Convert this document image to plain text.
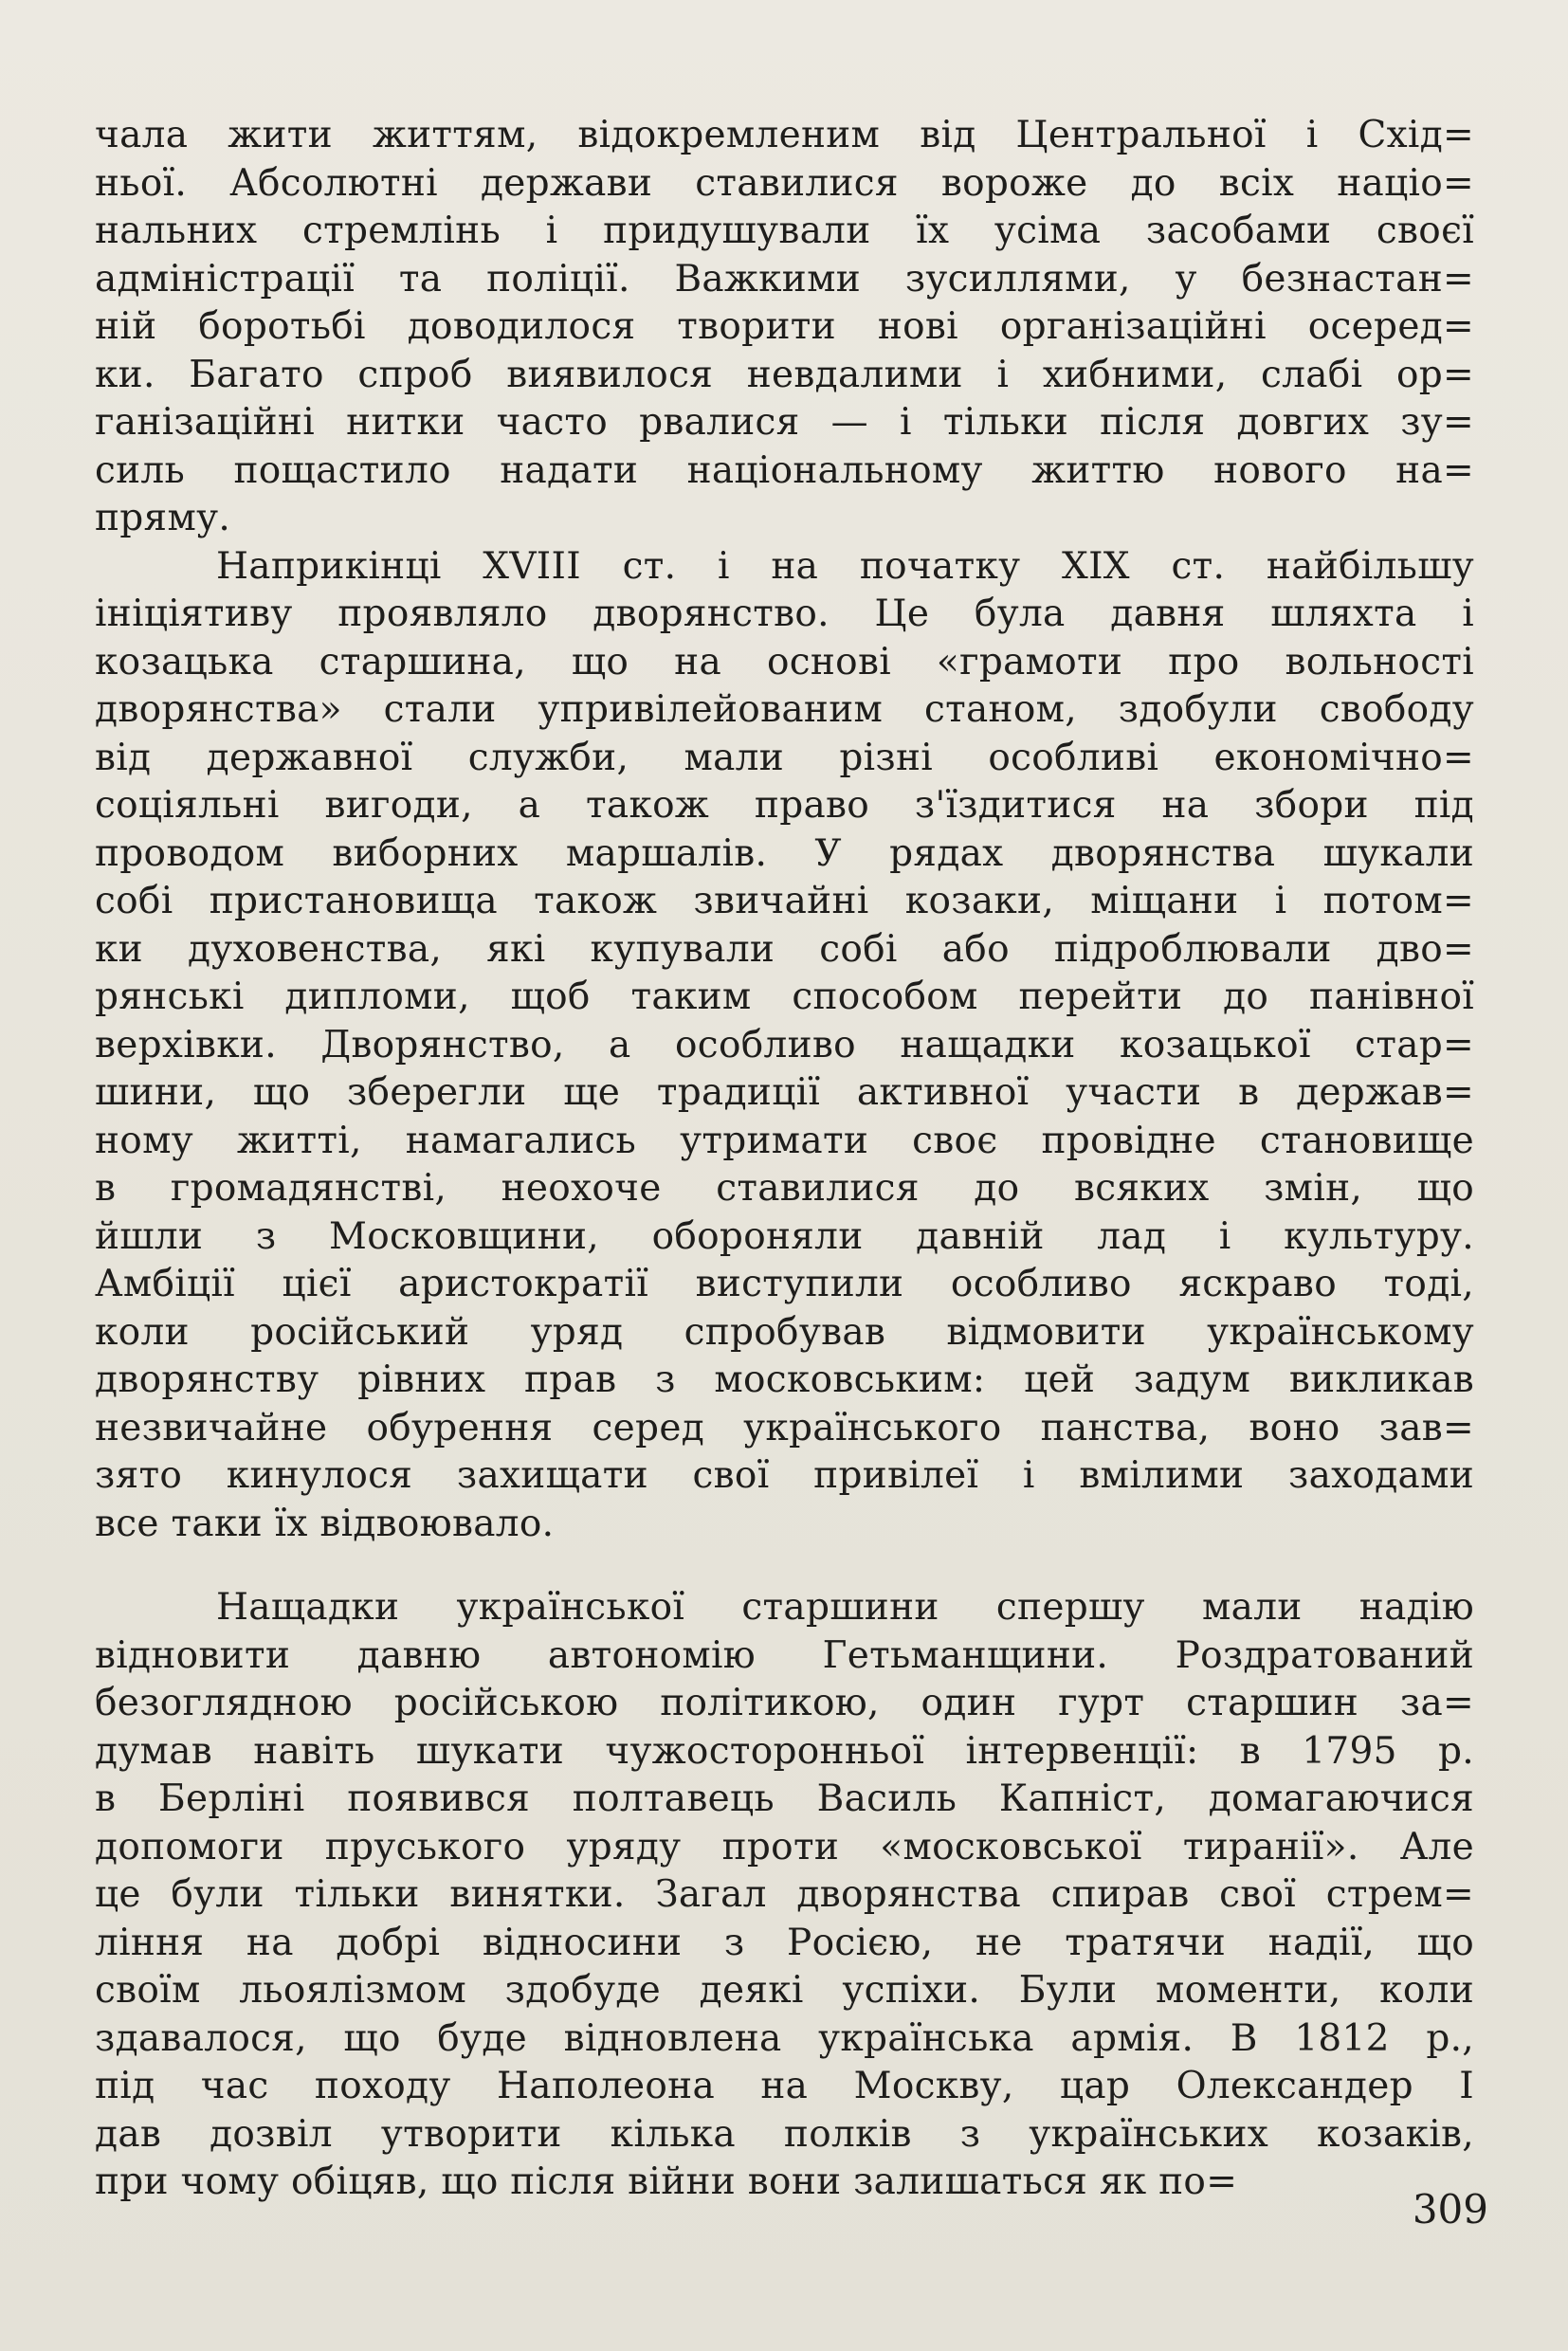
чала жити життям, відокремленим від Центральної і Схід=
ньої. Абсолютні держави ставилися вороже до всіх націо=
нальних стремлінь і придушували їх усіма засобами своєї
адміністрації та поліції. Важкими зусиллями, у безнастан=
ній боротьбі доводилося творити нові організаційні осеред=
ки. Багато спроб виявилося невдалими і хибними, слабі ор=
ганізаційні нитки часто рвалися — і тільки після довгих зу=
силь пощастило надати національному життю нового на=
пряму.
Наприкінці XVIII ст. і на початку XIX ст. найбільшу
ініціятиву проявляло дворянство. Це була давня шляхта і
козацька старшина, що на основі «грамоти про вольності
дворянства» стали упривілейованим станом, здобули свободу
від державної служби, мали різні особливі економічно=
соціяльні вигоди, а також право з'їздитися на збори під
проводом виборних маршалів. У рядах дворянства шукали
собі пристановища також звичайні козаки, міщани і потом=
ки духовенства, які купували собі або підроблювали дво=
рянські дипломи, щоб таким способом перейти до панівної
верхівки. Дворянство, а особливо нащадки козацької стар=
шини, що зберегли ще традиції активної участи в держав=
ному житті, намагались утримати своє провідне становище
в громадянстві, неохоче ставилися до всяких змін, що
йшли з Московщини, обороняли давній лад і культуру.
Амбіції цієї аристократії виступили особливо яскраво тоді,
коли російський уряд спробував відмовити українському
дворянству рівних прав з московським: цей задум викликав
незвичайне обурення серед українського панства, воно зав=
зято кинулося захищати свої привілеї і вмілими заходами
все таки їх відвоювало.
Нащадки української старшини спершу мали надію
відновити давню автономію Гетьманщини. Роздратований
безоглядною російською політикою, один гурт старшин за=
думав навіть шукати чужосторонньої інтервенції: в 1795 р.
в Берліні появився полтавець Василь Капніст, домагаючися
допомоги пруського уряду проти «московської тиранії». Але
це були тільки винятки. Загал дворянства спирав свої стрем=
ління на добрі відносини з Росією, не тратячи надії, що
своїм льоялізмом здобуде деякі успіхи. Були моменти, коли
здавалося, що буде відновлена українська армія. В 1812 р.,
під час походу Наполеона на Москву, цар Олександер I
дав дозвіл утворити кілька полків з українських козаків,
при чому обіцяв, що після війни вони залишаться як по=
309
